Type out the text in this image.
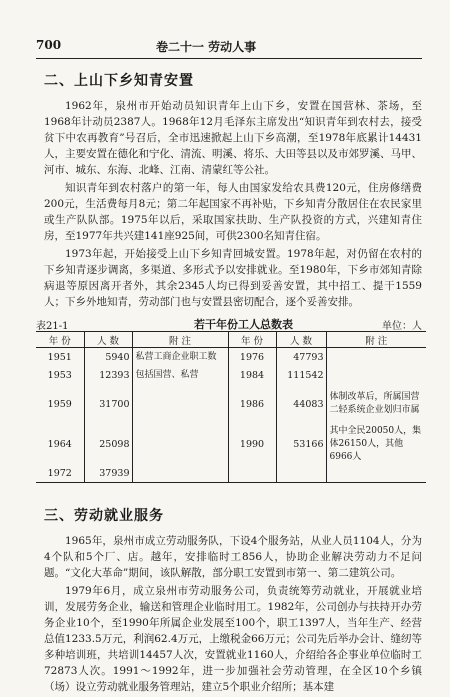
700	卷二十一 劳动人事
二、上山下乡知青安置

1962年，泉州市开始动员知识青年上山下乡，安置在国营林、茶场，至1968年计动员2387人。1968年12月毛泽东主席发出“知识青年到农村去，接受贫下中农再教育”号召后，全市迅速掀起上山下乡高潮，至1978年底累计14431人，主要安置在德化和宁化、清流、明溪、将乐、大田等县以及市郊罗溪、马甲、河市、城东、东海、北峰、江南、清蒙红等公社。

知识青年到农村落户的第一年，每人由国家发给农具费120元，住房修缮费200元，生活费每月8元；第二年起国家不再补贴，下乡知青分散居住在农民家里或生产队队部。1975年以后，采取国家扶助、生产队投资的方式，兴建知青住房，至1977年共兴建141座925间，可供2300名知青住宿。

1973年起，开始接受上山下乡知青回城安置。1978年起，对仍留在农村的下乡知青逐步调离，多渠道、多形式予以安排就业。至1980年，下乡市郊知青除病退等原因离开者外，其余2345人均已得到妥善安置，其中招工、提干1559人；下乡外地知青，劳动部门也与安置县密切配合，逐个妥善安排。

表21-1	若干年份工人总数表	单位：人
年 份	人 数	附 注	年 份	人 数	附 注
1951	5940	私营工商企业职工数	1976	47793	
1953	12393	包括国营、私营	1984	111542	
1959	31700		1986	44083	体制改革后，所属国营二轻系统企业划归市属
1964	25098		1990	53166	其中全民20050人，集体26150人，其他6966人
1972	37939				
三、劳动就业服务

1965年，泉州市成立劳动服务队，下设4个服务站，从业人员1104人，分为4个队和5个厂、店。越年，安排临时工856人，协助企业解决劳动力不足问题。“文化大革命”期间，该队解散，部分职工安置到市第一、第二建筑公司。

1979年6月，成立泉州市劳动服务公司，负责统筹劳动就业，开展就业培训，发展劳务企业，输送和管理企业临时用工。1982年，公司创办与扶持开办劳务企业10个，至1990年所属企业发展至100个，职工1397人，当年生产、经营总值1233.5万元，利润62.4万元，上缴税金66万元；公司先后举办会计、缝纫等多种培训班，共培训14457人次，安置就业1160人，介绍给各企事业单位临时工72873人次。1991～1992年，进一步加强社会劳动管理，在全区10个乡镇（场）设立劳动就业服务管理站，建立5个职业介绍所；基本建
